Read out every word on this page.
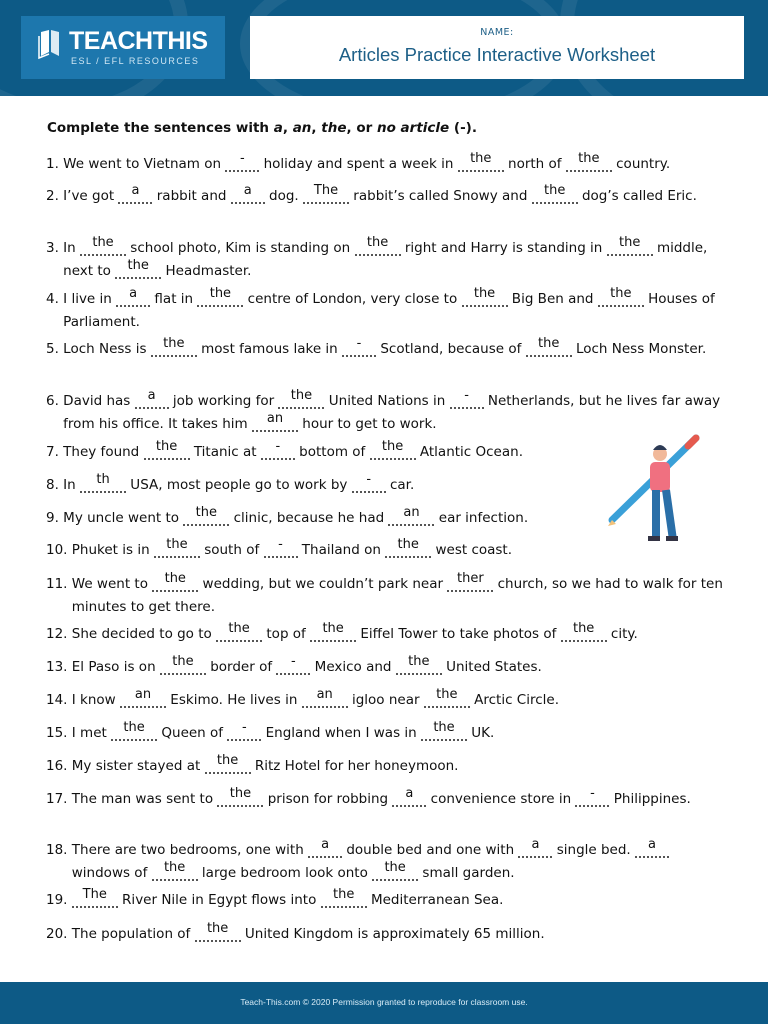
TEACHTHIS
ESL / EFL RESOURCES
NAME:
Articles Practice Interactive Worksheet
Complete the sentences with a, an, the, or no article (-).
1. We went to Vietnam on - holiday and spent a week in the north of the country.
2. I’ve got a rabbit and a dog. The rabbit’s called Snowy and the dog’s called Eric.
3. In the school photo, Kim is standing on the right and Harry is standing in the middle, next to the Headmaster.
4. I live in a flat in the centre of London, very close to the Big Ben and the Houses of Parliament.
5. Loch Ness is the most famous lake in - Scotland, because of the Loch Ness Monster.
6. David has a job working for the United Nations in - Netherlands, but he lives far away from his office. It takes him an hour to get to work.
7. They found the Titanic at - bottom of the Atlantic Ocean.
8. In th USA, most people go to work by - car.
9. My uncle went to the clinic, because he had an ear infection.
10. Phuket is in the south of - Thailand on the west coast.
11. We went to the wedding, but we couldn’t park near ther church, so we had to walk for ten minutes to get there.
12. She decided to go to the top of the Eiffel Tower to take photos of the city.
13. El Paso is on the border of - Mexico and the United States.
14. I know an Eskimo. He lives in an igloo near the Arctic Circle.
15. I met the Queen of - England when I was in the UK.
16. My sister stayed at the Ritz Hotel for her honeymoon.
17. The man was sent to the prison for robbing a convenience store in - Philippines.
18. There are two bedrooms, one with a double bed and one with a single bed. a windows of the large bedroom look onto the small garden.
19. The River Nile in Egypt flows into the Mediterranean Sea.
20. The population of the United Kingdom is approximately 65 million.
Teach-This.com © 2020 Permission granted to reproduce for classroom use.
